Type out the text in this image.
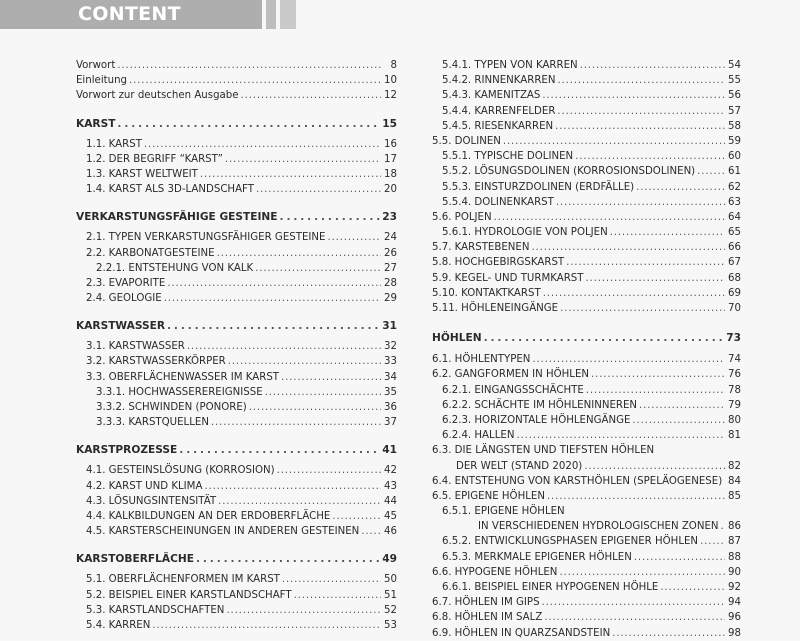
CONTENT
Vorwort . . .	8
Einleitung . . .	10
Vorwort zur deutschen Ausgabe . . .	12
KARST . . .	15
1.1. KARST . . .	16
1.2. DER BEGRIFF “KARST” . . .	17
1.3. KARST WELTWEIT . . .	18
1.4. KARST ALS 3D-LANDSCHAFT . . .	20
VERKARSTUNGSFÄHIGE GESTEINE . . .	23
2.1. TYPEN VERKARSTUNGSFÄHIGER GESTEINE . . .	24
2.2. KARBONATGESTEINE . . .	26
2.2.1. ENTSTEHUNG VON KALK . . .	27
2.3. EVAPORITE . . .	28
2.4. GEOLOGIE . . .	29
KARSTWASSER . . .	31
3.1. KARSTWASSER . . .	32
3.2. KARSTWASSERKÖRPER . . .	33
3.3. OBERFLÄCHENWASSER IM KARST . . .	34
3.3.1. HOCHWASSEREREIGNISSE . . .	35
3.3.2. SCHWINDEN (PONORE) . . .	36
3.3.3. KARSTQUELLEN . . .	37
KARSTPROZESSE . . .	41
4.1. GESTEINSLÖSUNG (KORROSION) . . .	42
4.2. KARST UND KLIMA . . .	43
4.3. LÖSUNGSINTENSITÄT . . .	44
4.4. KALKBILDUNGEN AN DER ERDOBERFLÄCHE . . .	45
4.5. KARSTERSCHEINUNGEN IN ANDEREN GESTEINEN . . . 46
KARSTOBERFLÄCHE . . .	49
5.1. OBERFLÄCHENFORMEN IM KARST . . .	50
5.2. BEISPIEL EINER KARSTLANDSCHAFT . . .	51
5.3. KARSTLANDSCHAFTEN . . .	52
5.4. KARREN . . .	53
5.4.1. TYPEN VON KARREN . . .	54
5.4.2. RINNENKARREN . . .	55
5.4.3. KAMENITZAS . . .	56
5.4.4. KARRENFELDER . . .	57
5.4.5. RIESENKARREN . . .	58
5.5. DOLINEN . . .	59
5.5.1. TYPISCHE DOLINEN . . .	60
5.5.2. LÖSUNGSDOLINEN (KORROSIONSDOLINEN) . . .	61
5.5.3. EINSTURZDOLINEN (ERDFÄLLE) . . .	62
5.5.4. DOLINENKARST . . .	63
5.6. POLJEN . . .	64
5.6.1. HYDROLOGIE VON POLJEN . . .	65
5.7. KARSTEBENEN . . .	66
5.8. HOCHGEBIRGSKARST . . .	67
5.9. KEGEL- UND TURMKARST . . .	68
5.10. KONTAKTKARST . . .	69
5.11. HÖHLENEINGÄNGE . . .	70
HÖHLEN . . .	73
6.1. HÖHLENTYPEN . . .	74
6.2. GANGFORMEN IN HÖHLEN . . .	76
6.2.1. EINGANGSSCHÄCHTE . . .	78
6.2.2. SCHÄCHTE IM HÖHLENINNEREN . . .	79
6.2.3. HORIZONTALE HÖHLENGÄNGE . . .	80
6.2.4. HALLEN . . .	81
6.3. DIE LÄNGSTEN UND TIEFSTEN HÖHLEN
DER WELT (STAND 2020) . . .	82
6.4. ENTSTEHUNG VON KARSTHÖHLEN (SPELÄOGENESE) . . . 84
6.5. EPIGENE HÖHLEN . . .	85
6.5.1. EPIGENE HÖHLEN
IN VERSCHIEDENEN HYDROLOGISCHEN ZONEN . . . 86
6.5.2. ENTWICKLUNGSPHASEN EPIGENER HÖHLEN . . .	87
6.5.3. MERKMALE EPIGENER HÖHLEN . . .	88
6.6. HYPOGENE HÖHLEN . . .	90
6.6.1. BEISPIEL EINER HYPOGENEN HÖHLE . . .	92
6.7. HÖHLEN IM GIPS . . .	94
6.8. HÖHLEN IM SALZ . . .	96
6.9. HÖHLEN IN QUARZSANDSTEIN . . .	98
